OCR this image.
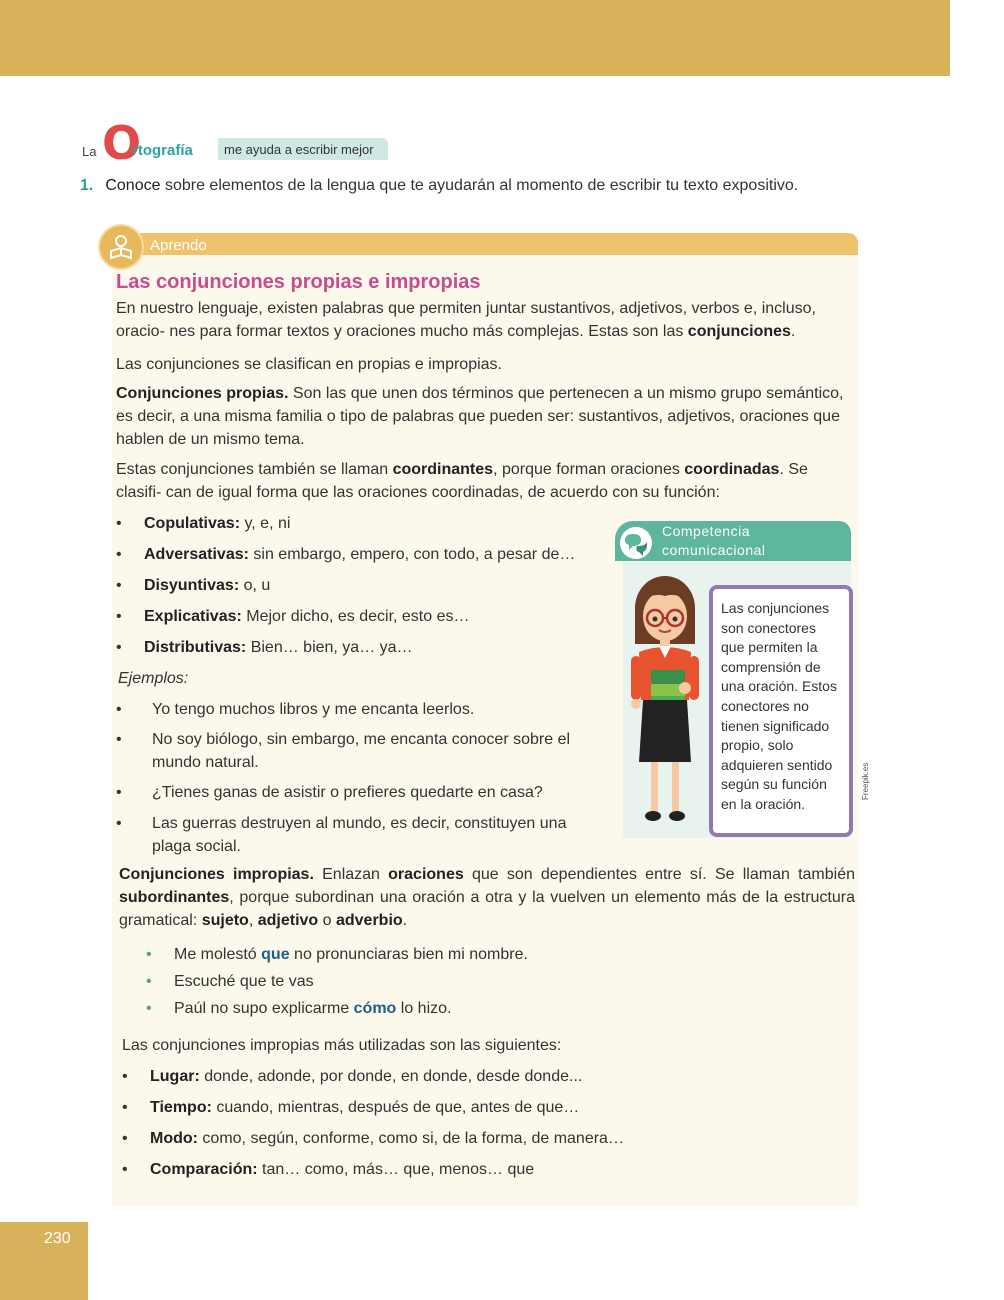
La O
rtografía	me ayuda a escribir mejor
1. Conoce sobre elementos de la lengua que te ayudarán al momento de escribir tu texto expositivo.
Aprendo
Las conjunciones propias e impropias

En nuestro lenguaje, existen palabras que permiten juntar sustantivos, adjetivos, verbos e, incluso, oracio- nes para formar textos y oraciones mucho más complejas. Estas son las conjunciones.

Las conjunciones se clasifican en propias e impropias.

Conjunciones propias. Son las que unen dos términos que pertenecen a un mismo grupo semántico, es decir, a una misma familia o tipo de palabras que pueden ser: sustantivos, adjetivos, oraciones que hablen de un mismo tema.

Estas conjunciones también se llaman coordinantes, porque forman oraciones coordinadas. Se clasifi- can de igual forma que las oraciones coordinadas, de acuerdo con su función:

• Copulativas: y, e, ni
• Adversativas: sin embargo, empero, con todo, a pesar de…
• Disyuntivas: o, u
• Explicativas: Mejor dicho, es decir, esto es…
• Distributivas: Bien… bien, ya… ya…

Ejemplos:

• Yo tengo muchos libros y me encanta leerlos.
• No soy biólogo, sin embargo, me encanta conocer sobre el mundo natural.
• ¿Tienes ganas de asistir o prefieres quedarte en casa?
• Las guerras destruyen al mundo, es decir, constituyen una plaga social.
Competencia
comunicacional
Las conjunciones son conectores que permiten la comprensión de una oración. Estos conectores no tienen significado propio, solo adquieren sentido según su función en la oración.
Freepik.es

Conjunciones impropias. Enlazan oraciones que son dependientes entre sí. Se llaman también subordinantes, porque subordinan una oración a otra y la vuelven un elemento más de la estructura gramatical: sujeto, adjetivo o adverbio.

• Me molestó que no pronunciaras bien mi nombre.
• Escuché que te vas
• Paúl no supo explicarme cómo lo hizo.

Las conjunciones impropias más utilizadas son las siguientes:

• Lugar: donde, adonde, por donde, en donde, desde donde...
• Tiempo: cuando, mientras, después de que, antes de que…
• Modo: como, según, conforme, como si, de la forma, de manera…
• Comparación: tan… como, más… que, menos… que
230
